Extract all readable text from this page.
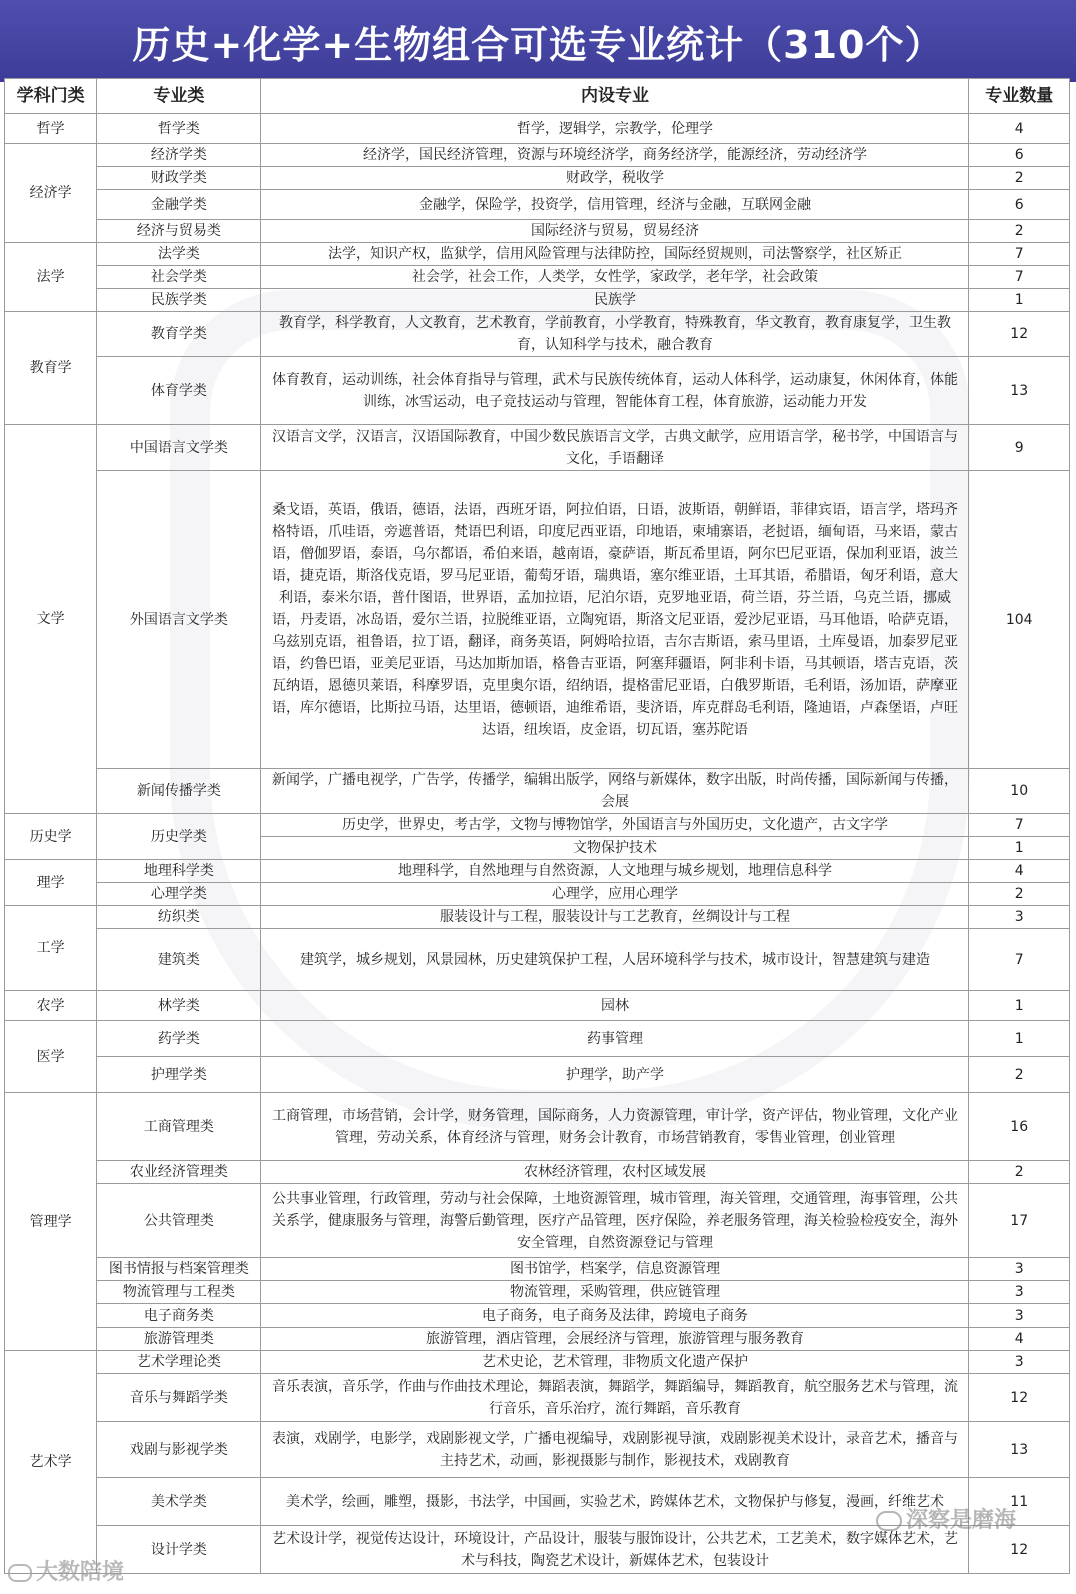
历史+化学+生物组合可选专业统计（310个）
学科门类	专业类	内设专业	专业数量
哲学	哲学类	哲学，逻辑学，宗教学，伦理学	4
经济学	经济学类	经济学，国民经济管理，资源与环境经济学，商务经济学，能源经济，劳动经济学	6
	财政学类	财政学，税收学	2
	金融学类	金融学，保险学，投资学，信用管理，经济与金融，互联网金融	6
	经济与贸易类	国际经济与贸易，贸易经济	2
法学	法学类	法学，知识产权，监狱学，信用风险管理与法律防控，国际经贸规则，司法警察学，社区矫正	7
	社会学类	社会学，社会工作，人类学，女性学，家政学，老年学，社会政策	7
	民族学类	民族学	1
教育学	教育学类	教育学，科学教育，人文教育，艺术教育，学前教育，小学教育，特殊教育，华文教育，教育康复学，卫生教育，认知科学与技术，融合教育	12
	体育学类	体育教育，运动训练，社会体育指导与管理，武术与民族传统体育，运动人体科学，运动康复，休闲体育，体能训练，冰雪运动，电子竞技运动与管理，智能体育工程，体育旅游，运动能力开发	13
文学	中国语言文学类	汉语言文学，汉语言，汉语国际教育，中国少数民族语言文学，古典文献学，应用语言学，秘书学，中国语言与文化，手语翻译	9
	外国语言文学类	桑戈语，英语，俄语，德语，法语，西班牙语，阿拉伯语，日语，波斯语，朝鲜语，菲律宾语，语言学，塔玛齐格特语，爪哇语，旁遮普语，梵语巴利语，印度尼西亚语，印地语，柬埔寨语，老挝语，缅甸语，马来语，蒙古语，僧伽罗语，泰语，乌尔都语，希伯来语，越南语，豪萨语，斯瓦希里语，阿尔巴尼亚语，保加利亚语，波兰语，捷克语，斯洛伐克语，罗马尼亚语，葡萄牙语，瑞典语，塞尔维亚语，土耳其语，希腊语，匈牙利语，意大利语，泰米尔语，普什图语，世界语，孟加拉语，尼泊尔语，克罗地亚语，荷兰语，芬兰语，乌克兰语，挪威语，丹麦语，冰岛语，爱尔兰语，拉脱维亚语，立陶宛语，斯洛文尼亚语，爱沙尼亚语，马耳他语，哈萨克语，乌兹别克语，祖鲁语，拉丁语，翻译，商务英语，阿姆哈拉语，吉尔吉斯语，索马里语，土库曼语，加泰罗尼亚语，约鲁巴语，亚美尼亚语，马达加斯加语，格鲁吉亚语，阿塞拜疆语，阿非利卡语，马其顿语，塔吉克语，茨瓦纳语，恩德贝莱语，科摩罗语，克里奥尔语，绍纳语，提格雷尼亚语，白俄罗斯语，毛利语，汤加语，萨摩亚语，库尔德语，比斯拉马语，达里语，德顿语，迪维希语，斐济语，库克群岛毛利语，隆迪语，卢森堡语，卢旺达语，纽埃语，皮金语，切瓦语，塞苏陀语	104
	新闻传播学类	新闻学，广播电视学，广告学，传播学，编辑出版学，网络与新媒体，数字出版，时尚传播，国际新闻与传播，会展	10
历史学	历史学类	历史学，世界史，考古学，文物与博物馆学，外国语言与外国历史，文化遗产，古文字学	7
		文物保护技术	1
理学	地理科学类	地理科学，自然地理与自然资源，人文地理与城乡规划，地理信息科学	4
	心理学类	心理学，应用心理学	2
工学	纺织类	服装设计与工程，服装设计与工艺教育，丝绸设计与工程	3
	建筑类	建筑学，城乡规划，风景园林，历史建筑保护工程，人居环境科学与技术，城市设计，智慧建筑与建造	7
农学	林学类	园林	1
医学	药学类	药事管理	1
	护理学类	护理学，助产学	2
管理学	工商管理类	工商管理，市场营销，会计学，财务管理，国际商务，人力资源管理，审计学，资产评估，物业管理，文化产业管理，劳动关系，体育经济与管理，财务会计教育，市场营销教育，零售业管理，创业管理	16
	农业经济管理类	农林经济管理，农村区域发展	2
	公共管理类	公共事业管理，行政管理，劳动与社会保障，土地资源管理，城市管理，海关管理，交通管理，海事管理，公共关系学，健康服务与管理，海警后勤管理，医疗产品管理，医疗保险，养老服务管理，海关检验检疫安全，海外安全管理，自然资源登记与管理	17
	图书情报与档案管理类	图书馆学，档案学，信息资源管理	3
	物流管理与工程类	物流管理，采购管理，供应链管理	3
	电子商务类	电子商务，电子商务及法律，跨境电子商务	3
	旅游管理类	旅游管理，酒店管理，会展经济与管理，旅游管理与服务教育	4
艺术学	艺术学理论类	艺术史论，艺术管理，非物质文化遗产保护	3
	音乐与舞蹈学类	音乐表演，音乐学，作曲与作曲技术理论，舞蹈表演，舞蹈学，舞蹈编导，舞蹈教育，航空服务艺术与管理，流行音乐，音乐治疗，流行舞蹈，音乐教育	12
	戏剧与影视学类	表演，戏剧学，电影学，戏剧影视文学，广播电视编导，戏剧影视导演，戏剧影视美术设计，录音艺术，播音与主持艺术，动画，影视摄影与制作，影视技术，戏剧教育	13
	美术学类	美术学，绘画，雕塑，摄影，书法学，中国画，实验艺术，跨媒体艺术，文物保护与修复，漫画，纤维艺术	11
	设计学类	艺术设计学，视觉传达设计，环境设计，产品设计，服装与服饰设计，公共艺术，工艺美术，数字媒体艺术，艺术与科技，陶瓷艺术设计，新媒体艺术，包装设计	12
大数陪境
深察是磨海
